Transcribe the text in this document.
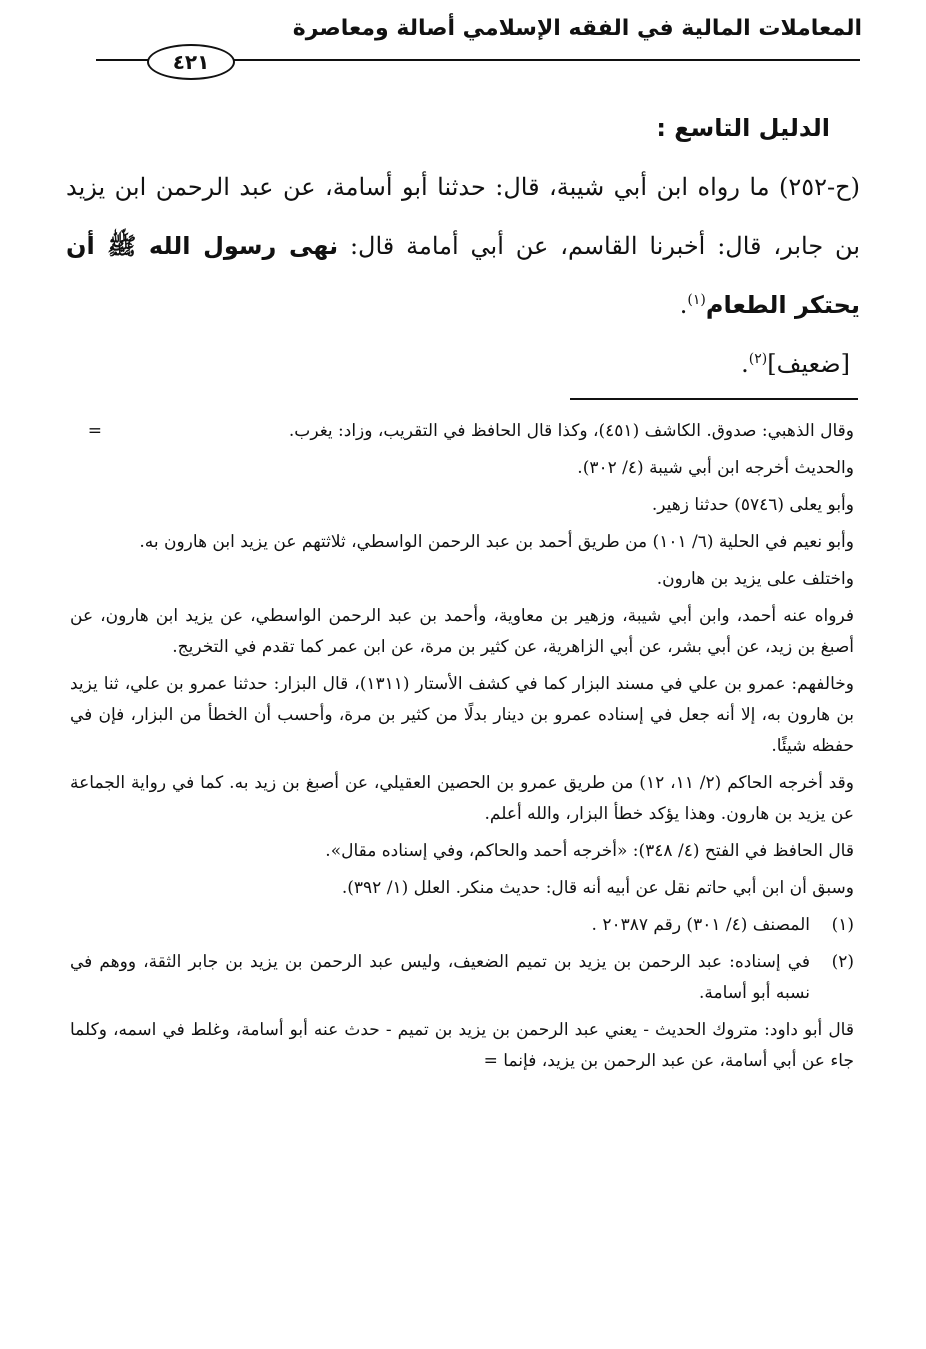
المعاملات المالية في الفقه الإسلامي أصالة ومعاصرة
٤٢١

الدليل التاسع :

(ح-٢٥٢) ما رواه ابن أبي شيبة، قال: حدثنا أبو أسامة، عن عبد الرحمن ابن يزيد بن جابر، قال: أخبرنا القاسم، عن أبي أمامة قال: نهى رسول الله ﷺ أن يحتكر الطعام$^{(١)}$.

[ضعيف]$^{(٢)}$.

=	وقال الذهبي: صدوق. الكاشف (٤٥١)، وكذا قال الحافظ في التقريب، وزاد: يغرب.

والحديث أخرجه ابن أبي شيبة (٤/ ٣٠٢).

وأبو يعلى (٥٧٤٦) حدثنا زهير.

وأبو نعيم في الحلية (٦/ ١٠١) من طريق أحمد بن عبد الرحمن الواسطي، ثلاثتهم عن يزيد ابن هارون به.

واختلف على يزيد بن هارون.

فرواه عنه أحمد، وابن أبي شيبة، وزهير بن معاوية، وأحمد بن عبد الرحمن الواسطي، عن يزيد ابن هارون، عن أصبغ بن زيد، عن أبي بشر، عن أبي الزاهرية، عن كثير بن مرة، عن ابن عمر كما تقدم في التخريج.

وخالفهم: عمرو بن علي في مسند البزار كما في كشف الأستار (١٣١١)، قال البزار: حدثنا عمرو بن علي، ثنا يزيد بن هارون به، إلا أنه جعل في إسناده عمرو بن دينار بدلًا من كثير بن مرة، وأحسب أن الخطأ من البزار، فإن في حفظه شيئًا.

وقد أخرجه الحاكم (٢/ ١١، ١٢) من طريق عمرو بن الحصين العقيلي، عن أصبغ بن زيد به. كما في رواية الجماعة عن يزيد بن هارون. وهذا يؤكد خطأ البزار، والله أعلم.

قال الحافظ في الفتح (٤/ ٣٤٨): «أخرجه أحمد والحاكم، وفي إسناده مقال».

وسبق أن ابن أبي حاتم نقل عن أبيه أنه قال: حديث منكر. العلل (١/ ٣٩٢).

(١)
المصنف (٤/ ٣٠١) رقم ٢٠٣٨٧ .
(٢)
في إسناده: عبد الرحمن بن يزيد بن تميم الضعيف، وليس عبد الرحمن بن يزيد بن جابر الثقة، ووهم في نسبه أبو أسامة.

قال أبو داود: متروك الحديث - يعني عبد الرحمن بن يزيد بن تميم - حدث عنه أبو أسامة، وغلط في اسمه، وكلما جاء عن أبي أسامة، عن عبد الرحمن بن يزيد، فإنما =
